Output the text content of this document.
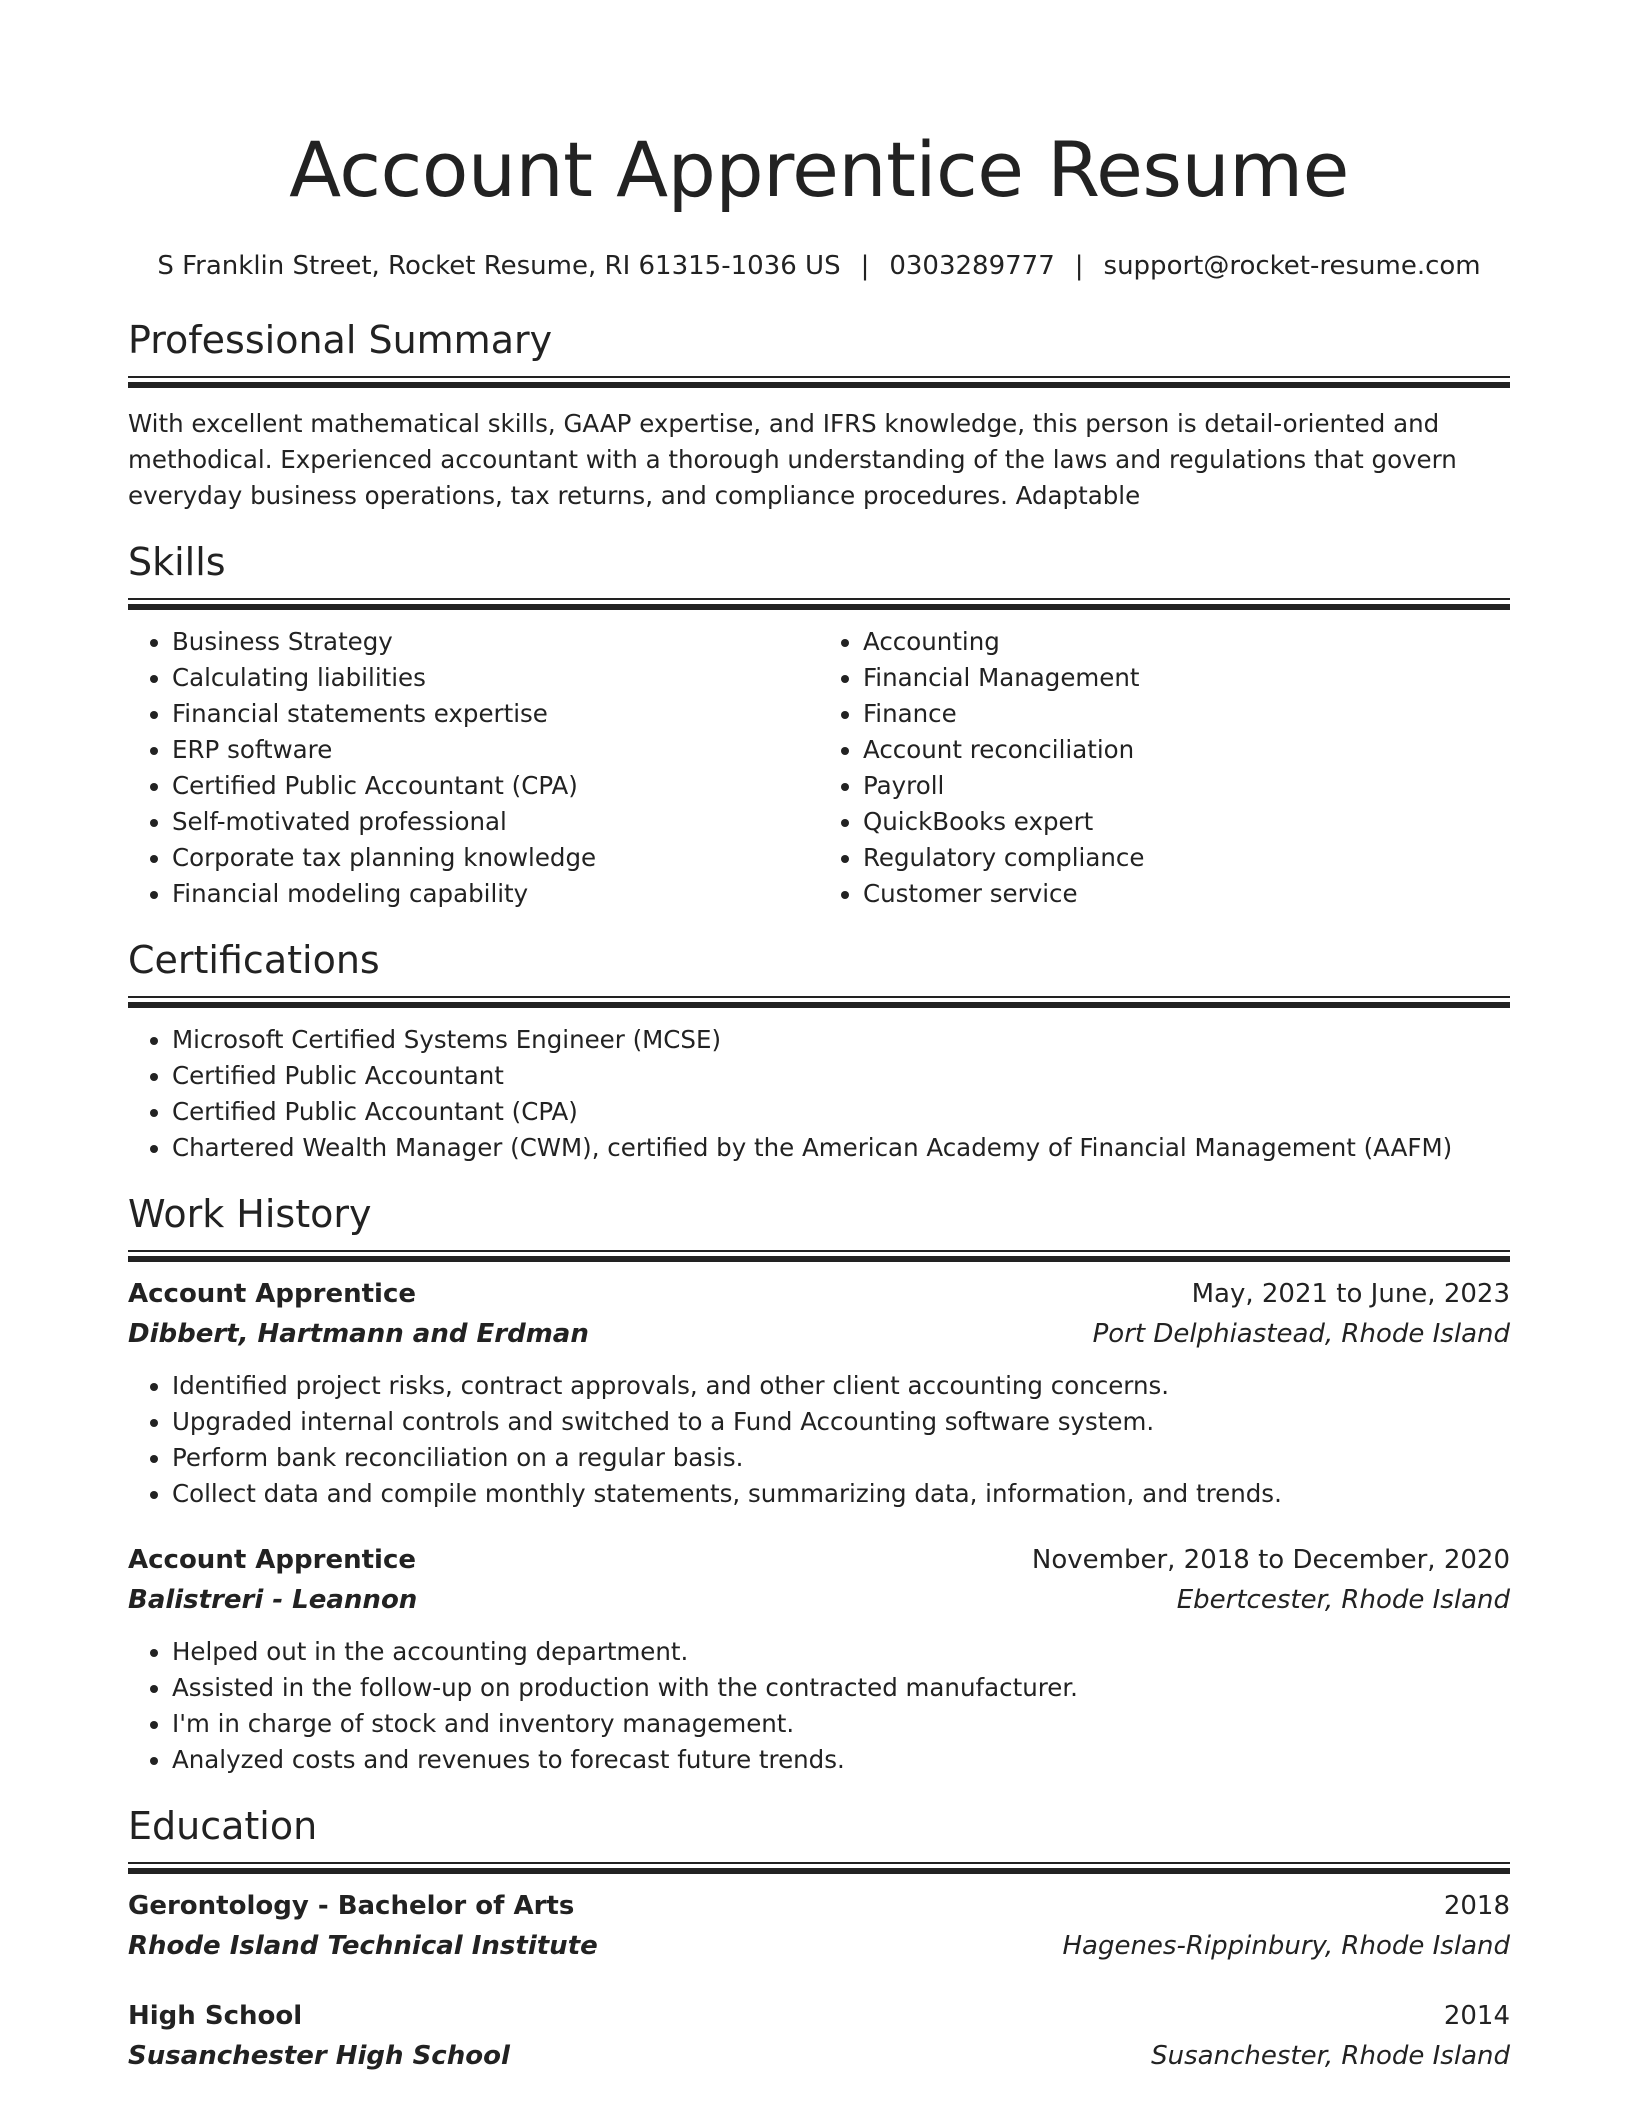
Account Apprentice Resume
S Franklin Street, Rocket Resume, RI 61315-1036 US | 0303289777 | support@rocket-resume.com
Professional Summary
With excellent mathematical skills, GAAP expertise, and IFRS knowledge, this person is detail-oriented and methodical. Experienced accountant with a thorough understanding of the laws and regulations that govern everyday business operations, tax returns, and compliance procedures. Adaptable
Skills
• Business Strategy
• Calculating liabilities
• Financial statements expertise
• ERP software
• Certified Public Accountant (CPA)
• Self-motivated professional
• Corporate tax planning knowledge
• Financial modeling capability
• Accounting
• Financial Management
• Finance
• Account reconciliation
• Payroll
• QuickBooks expert
• Regulatory compliance
• Customer service
Certifications
• Microsoft Certified Systems Engineer (MCSE)
• Certified Public Accountant
• Certified Public Accountant (CPA)
• Chartered Wealth Manager (CWM), certified by the American Academy of Financial Management (AAFM)
Work History
Account Apprentice	May, 2021 to June, 2023
Dibbert, Hartmann and Erdman	Port Delphiastead, Rhode Island
• Identified project risks, contract approvals, and other client accounting concerns.
• Upgraded internal controls and switched to a Fund Accounting software system.
• Perform bank reconciliation on a regular basis.
• Collect data and compile monthly statements, summarizing data, information, and trends.
Account Apprentice	November, 2018 to December, 2020
Balistreri - Leannon	Ebertcester, Rhode Island
• Helped out in the accounting department.
• Assisted in the follow-up on production with the contracted manufacturer.
• I'm in charge of stock and inventory management.
• Analyzed costs and revenues to forecast future trends.
Education
Gerontology - Bachelor of Arts	2018
Rhode Island Technical Institute	Hagenes-Rippinbury, Rhode Island
High School	2014
Susanchester High School	Susanchester, Rhode Island
